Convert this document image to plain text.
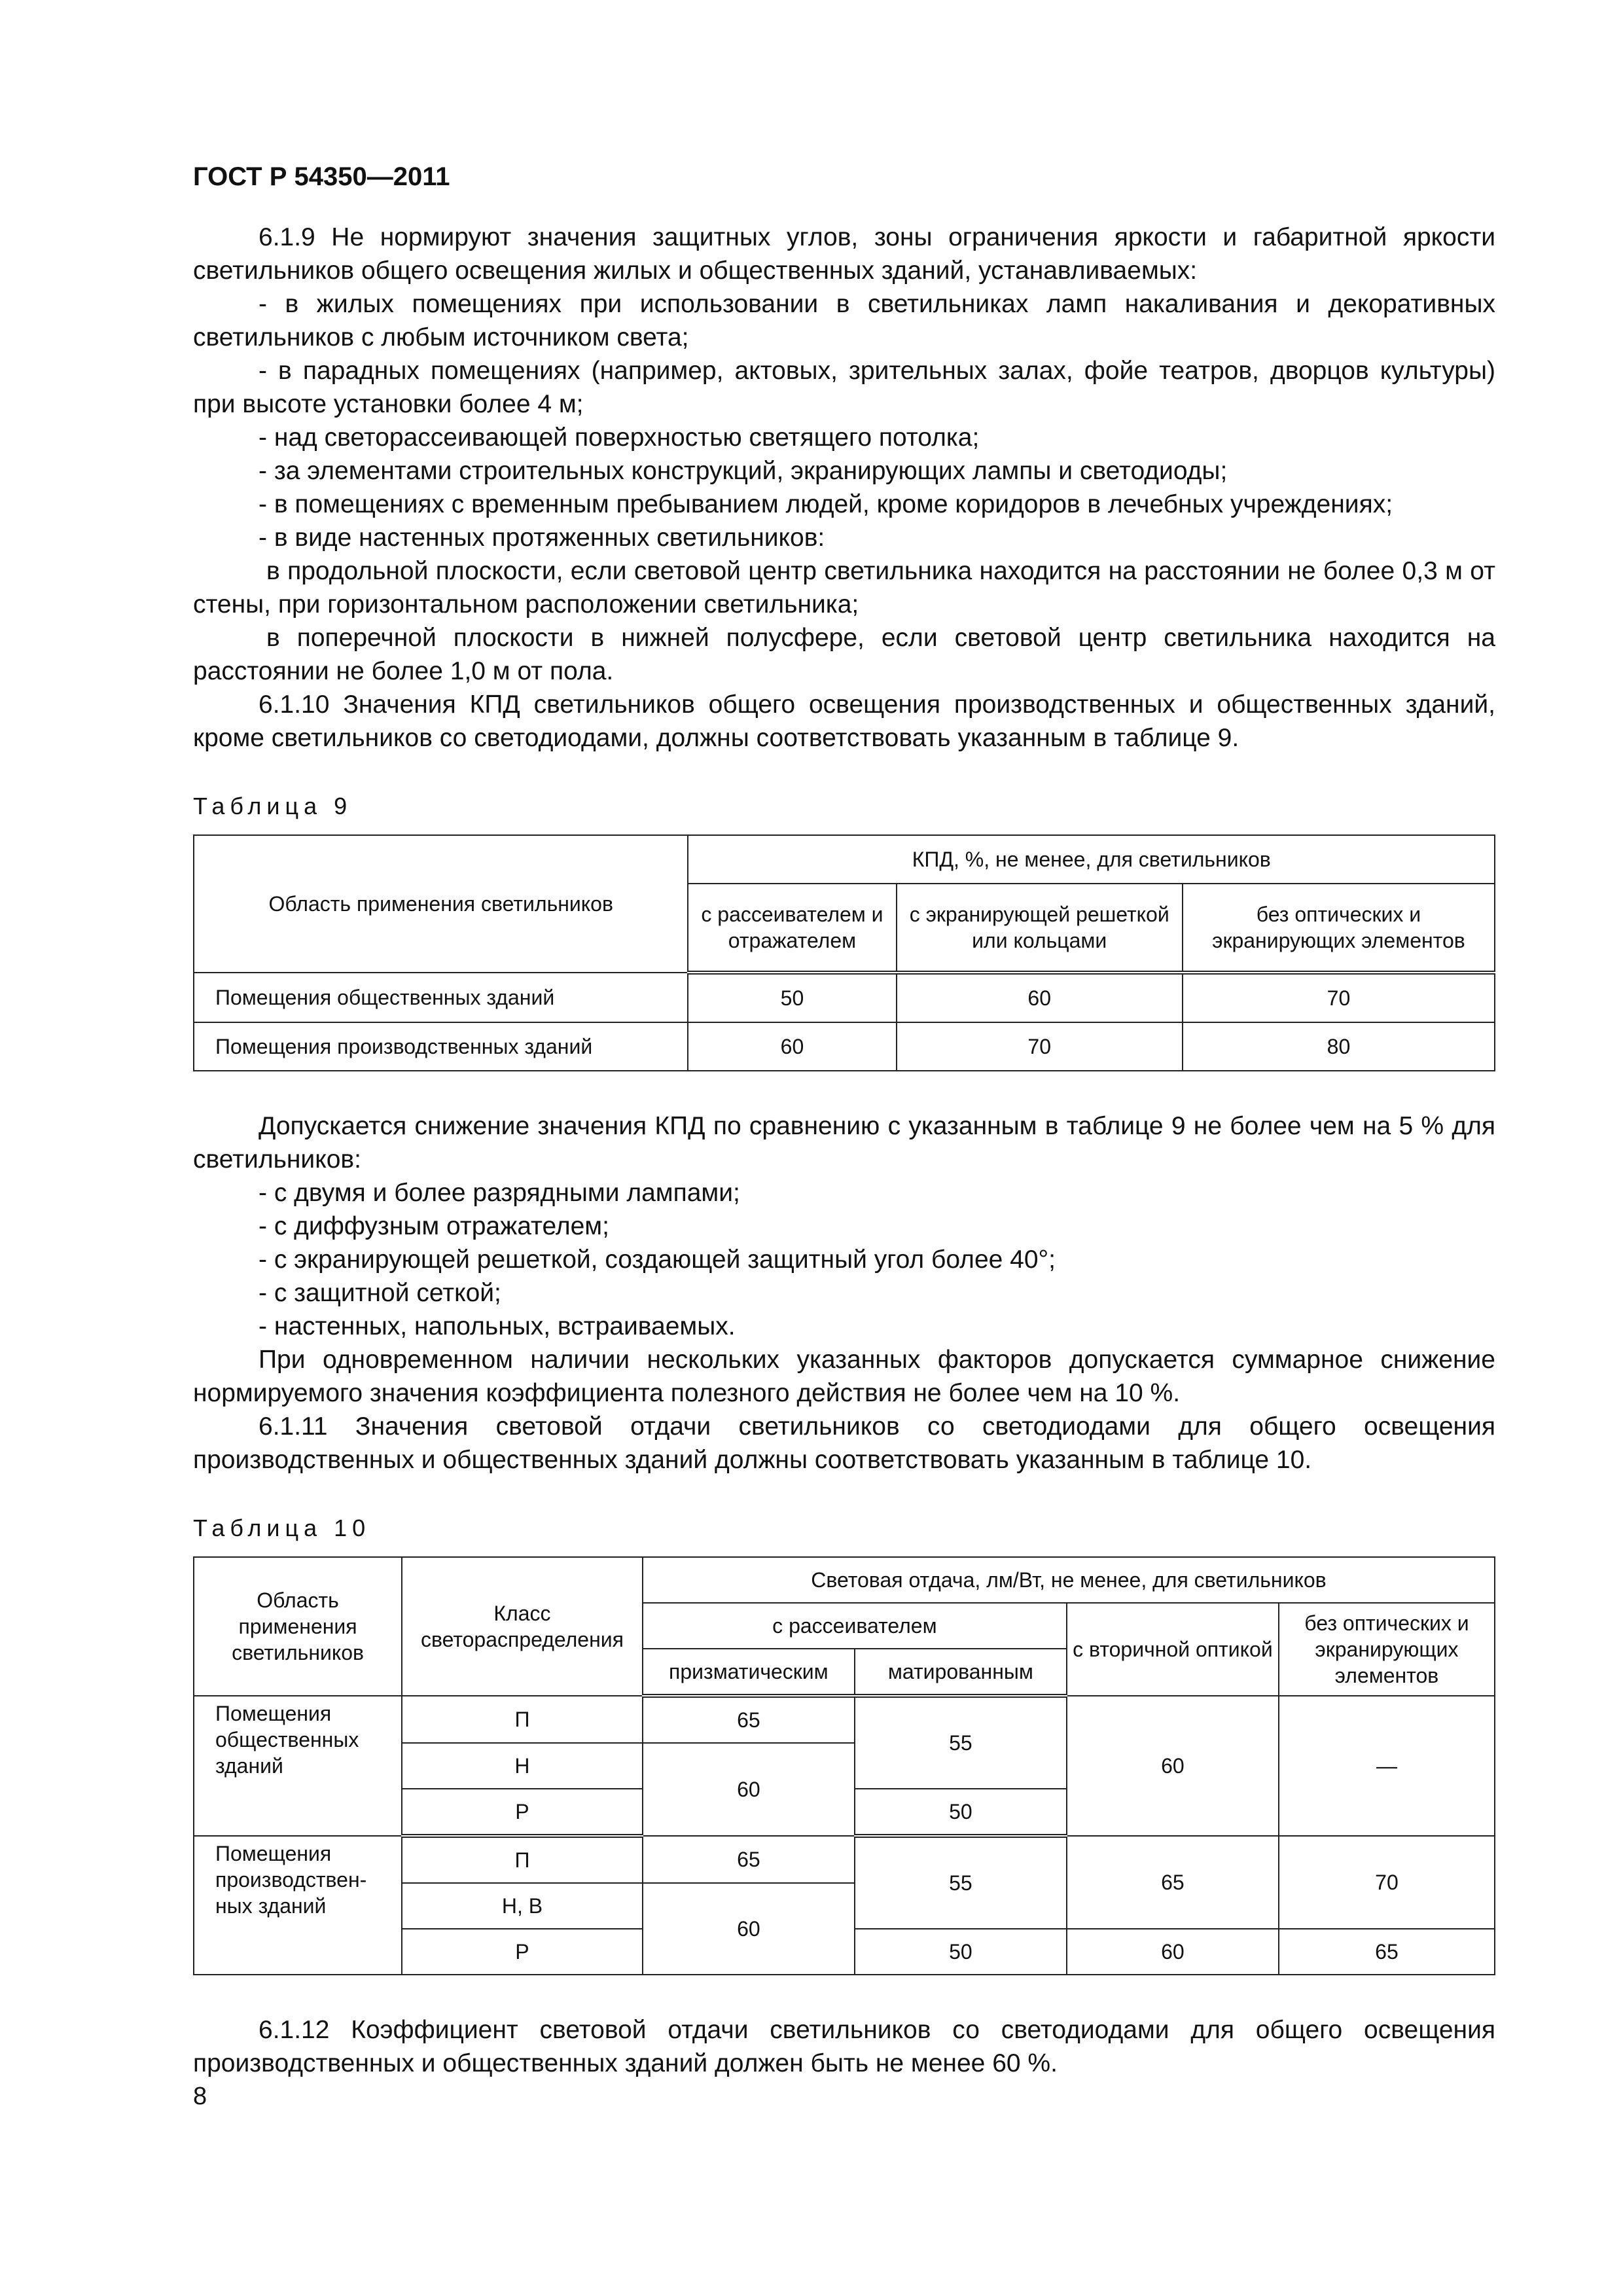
ГОСТ Р 54350—2011

6.1.9 Не нормируют значения защитных углов, зоны ограничения яркости и габаритной яркости светильников общего освещения жилых и общественных зданий, устанавливаемых:

- в жилых помещениях при использовании в светильниках ламп накаливания и декоративных светильников с любым источником света;

- в парадных помещениях (например, актовых, зрительных залах, фойе театров, дворцов культуры) при высоте установки более 4 м;

- над светорассеивающей поверхностью светящего потолка;

- за элементами строительных конструкций, экранирующих лампы и светодиоды;

- в помещениях с временным пребыванием людей, кроме коридоров в лечебных учреждениях;

- в виде настенных протяженных светильников:

в продольной плоскости, если световой центр светильника находится на расстоянии не более 0,3 м от стены, при горизонтальном расположении светильника;

в поперечной плоскости в нижней полусфере, если световой центр светильника находится на расстоянии не более 1,0 м от пола.

6.1.10 Значения КПД светильников общего освещения производственных и общественных зданий, кроме светильников со светодиодами, должны соответствовать указанным в таблице 9.

Таблица 9
Область применения светильников	КПД, %, не менее, для светильников		
	с рассеивателем и отражателем	с экранирующей решеткой или кольцами	без оптических и экранирующих элементов
Помещения общественных зданий	50	60	70
Помещения производственных зданий	60	70	80

Допускается снижение значения КПД по сравнению с указанным в таблице 9 не более чем на 5 % для светильников:

- с двумя и более разрядными лампами;

- с диффузным отражателем;

- с экранирующей решеткой, создающей защитный угол более 40°;

- с защитной сеткой;

- настенных, напольных, встраиваемых.

При одновременном наличии нескольких указанных факторов допускается суммарное снижение нормируемого значения коэффициента полезного действия не более чем на 10 %.

6.1.11 Значения световой отдачи светильников со светодиодами для общего освещения производственных и общественных зданий должны соответствовать указанным в таблице 10.

Таблица 10
Область применения светильников	Класс светораспределения	Световая отдача, лм/Вт, не менее, для светильников			
		с рассеивателем		с вторичной оптикой	без оптических и экранирующих элементов
		призматическим	матированным		
Помещения общественных зданий	П	65	55	60	—
	Н	60			
	Р		50		
Помещения производствен-ных зданий	П	65	55	65	70
	Н, В	60			
	Р		50	60	65

6.1.12 Коэффициент световой отдачи светильников со светодиодами для общего освещения производственных и общественных зданий должен быть не менее 60 %.

8
